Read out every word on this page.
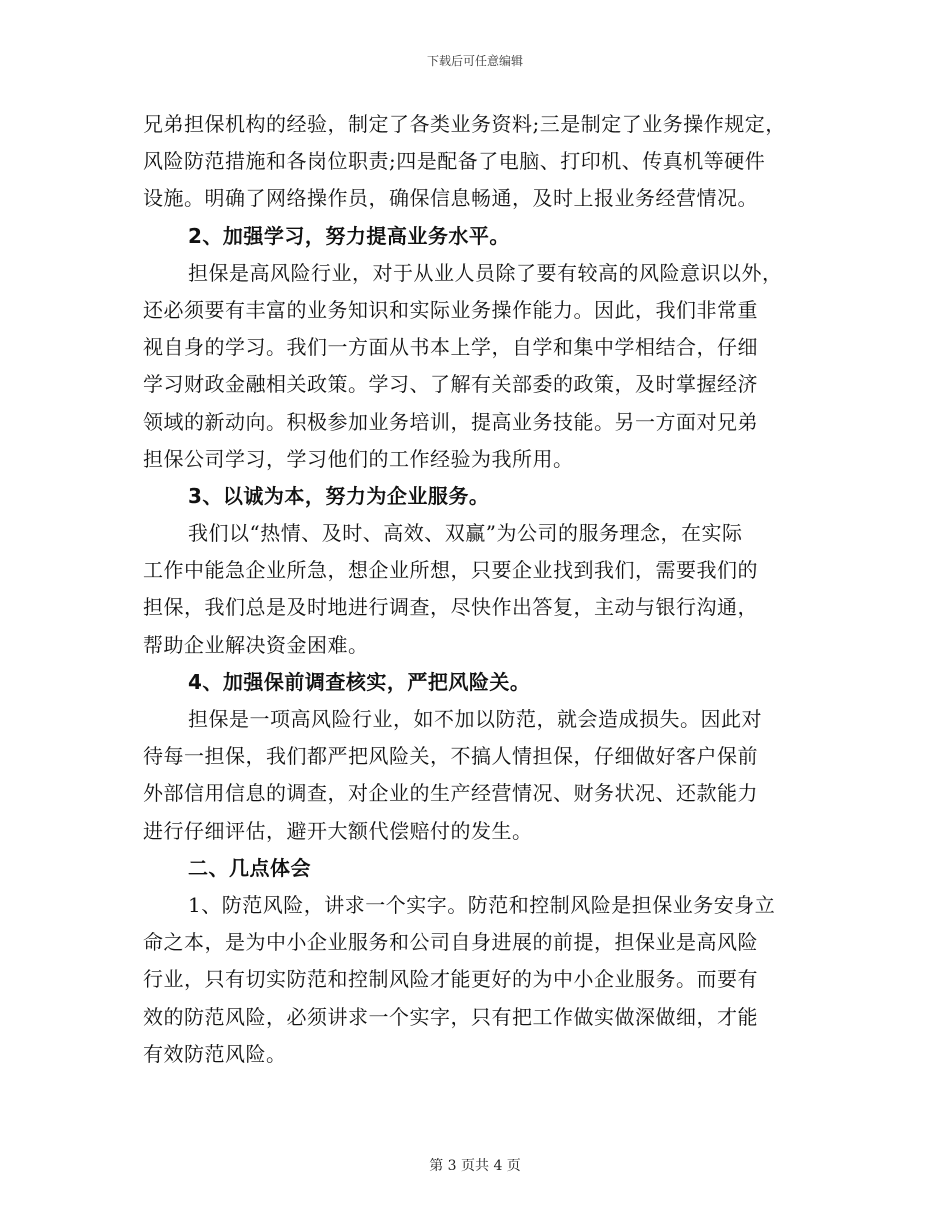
下载后可任意编辑
兄弟担保机构的经验，制定了各类业务资料;三是制定了业务操作规定，
风险防范措施和各岗位职责;四是配备了电脑、打印机、传真机等硬件
设施。明确了网络操作员，确保信息畅通，及时上报业务经营情况。
2、加强学习，努力提高业务水平。
担保是高风险行业，对于从业人员除了要有较高的风险意识以外，
还必须要有丰富的业务知识和实际业务操作能力。因此，我们非常重
视自身的学习。我们一方面从书本上学，自学和集中学相结合，仔细
学习财政金融相关政策。学习、了解有关部委的政策，及时掌握经济
领域的新动向。积极参加业务培训，提高业务技能。另一方面对兄弟
担保公司学习，学习他们的工作经验为我所用。
3、以诚为本，努力为企业服务。
我们以“热情、及时、高效、双赢”为公司的服务理念，在实际
工作中能急企业所急，想企业所想，只要企业找到我们，需要我们的
担保，我们总是及时地进行调查，尽快作出答复，主动与银行沟通，
帮助企业解决资金困难。
4、加强保前调查核实，严把风险关。
担保是一项高风险行业，如不加以防范，就会造成损失。因此对
待每一担保，我们都严把风险关，不搞人情担保，仔细做好客户保前
外部信用信息的调查，对企业的生产经营情况、财务状况、还款能力
进行仔细评估，避开大额代偿赔付的发生。
二、几点体会
1、防范风险，讲求一个实字。防范和控制风险是担保业务安身立
命之本，是为中小企业服务和公司自身进展的前提，担保业是高风险
行业，只有切实防范和控制风险才能更好的为中小企业服务。而要有
效的防范风险，必须讲求一个实字，只有把工作做实做深做细，才能
有效防范风险。
第 3 页共 4 页
